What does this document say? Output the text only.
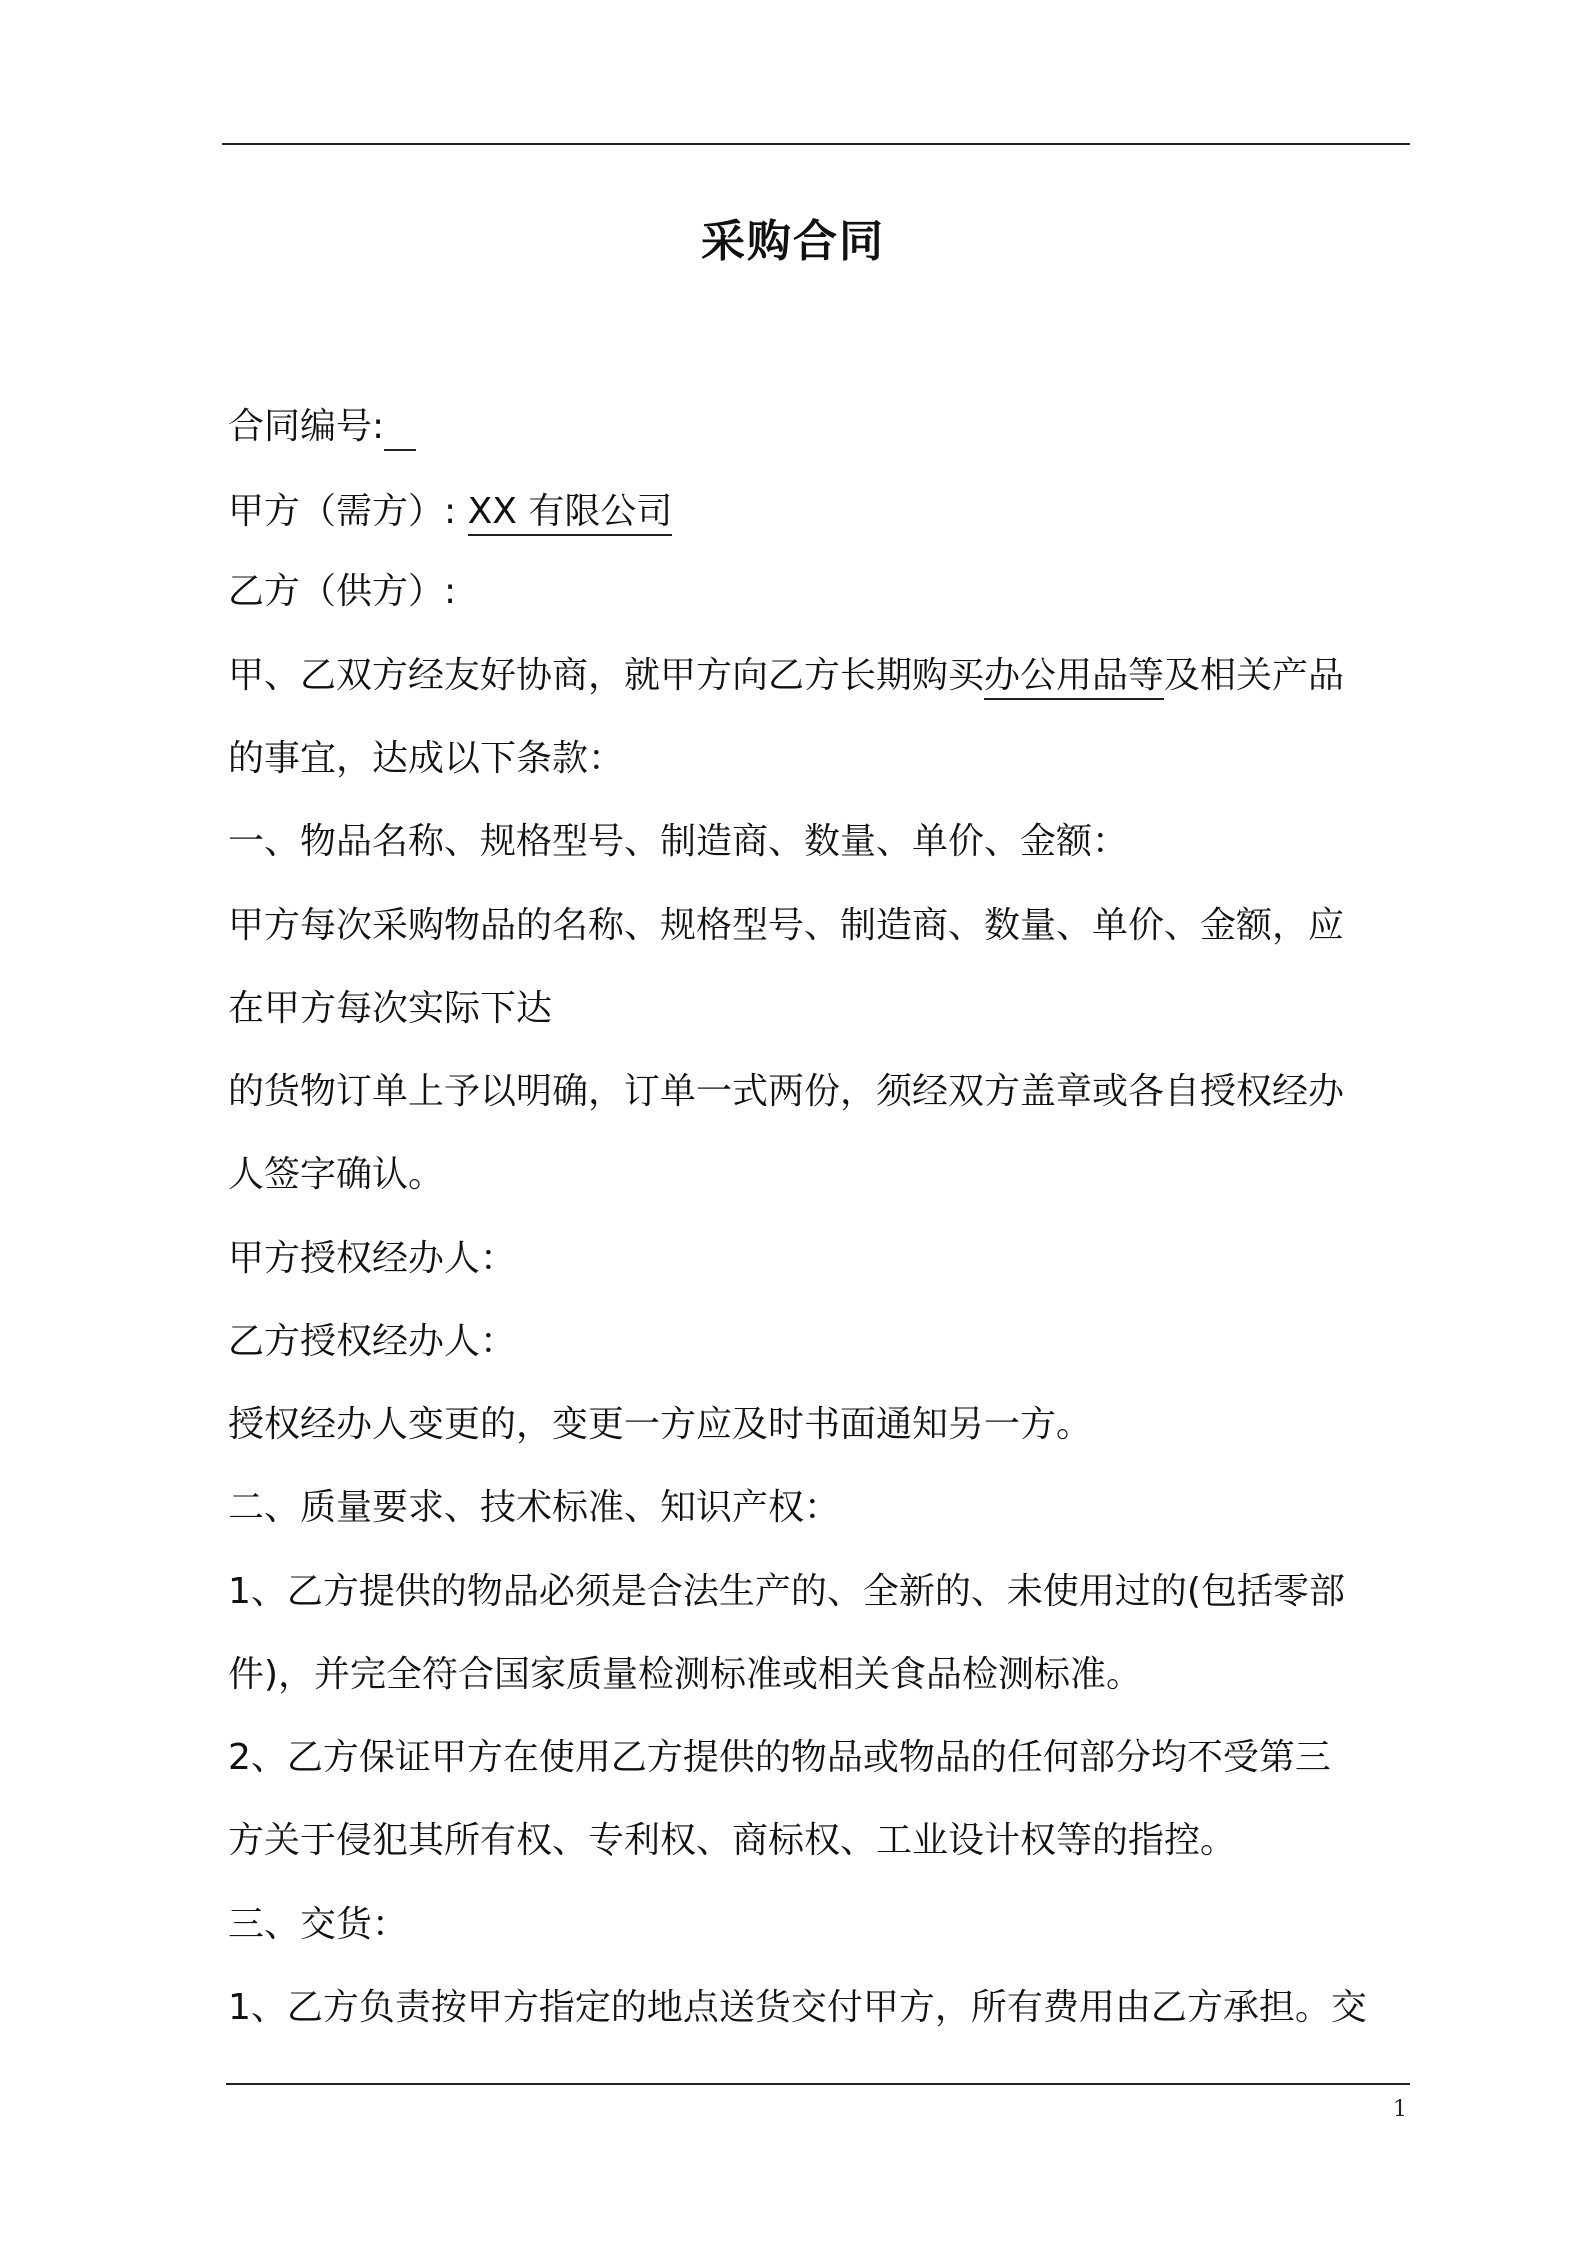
采购合同
合同编号:
甲方（需方）: XX 有限公司
乙方（供方）:
甲、乙双方经友好协商，就甲方向乙方长期购买办公用品等及相关产品
的事宜，达成以下条款：
一、物品名称、规格型号、制造商、数量、单价、金额：
甲方每次采购物品的名称、规格型号、制造商、数量、单价、金额，应
在甲方每次实际下达
的货物订单上予以明确，订单一式两份，须经双方盖章或各自授权经办
人签字确认。
甲方授权经办人：
乙方授权经办人：
授权经办人变更的，变更一方应及时书面通知另一方。
二、质量要求、技术标准、知识产权：
1、乙方提供的物品必须是合法生产的、全新的、未使用过的(包括零部
件)，并完全符合国家质量检测标准或相关食品检测标准。
2、乙方保证甲方在使用乙方提供的物品或物品的任何部分均不受第三
方关于侵犯其所有权、专利权、商标权、工业设计权等的指控。
三、交货：
1、乙方负责按甲方指定的地点送货交付甲方，所有费用由乙方承担。交
1
